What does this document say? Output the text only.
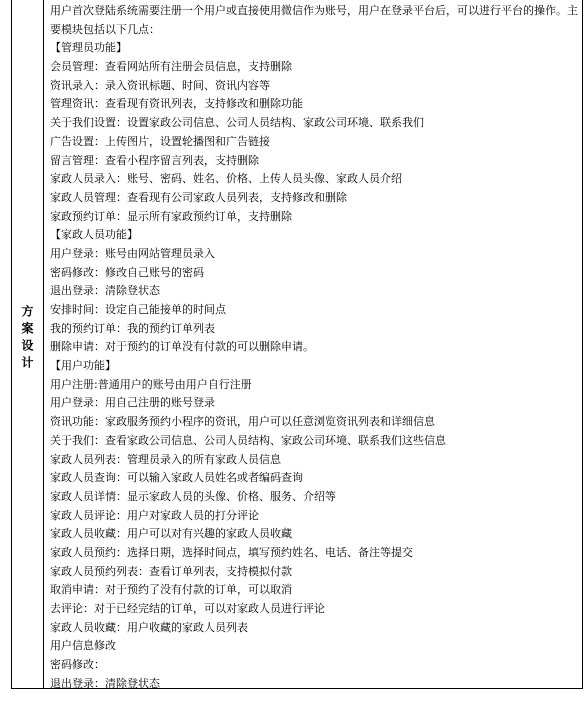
方案设计

用户首次登陆系统需要注册一个用户或直接使用微信作为账号，用户在登录平台后，可以进行平台的操作。主要模块包括以下几点：

【管理员功能】
会员管理：查看网站所有注册会员信息，支持删除
资讯录入：录入资讯标题、时间、资讯内容等
管理资讯：查看现有资讯列表，支持修改和删除功能
关于我们设置：设置家政公司信息、公司人员结构、家政公司环境、联系我们
广告设置：上传图片，设置轮播图和广告链接
留言管理：查看小程序留言列表，支持删除
家政人员录入：账号、密码、姓名、价格、上传人员头像、家政人员介绍
家政人员管理：查看现有公司家政人员列表，支持修改和删除
家政预约订单：显示所有家政预约订单，支持删除
【家政人员功能】
用户登录：账号由网站管理员录入
密码修改：修改自己账号的密码
退出登录：清除登状态
安排时间：设定自己能接单的时间点
我的预约订单：我的预约订单列表
删除申请：对于预约的订单没有付款的可以删除申请。
【用户功能】
用户注册:普通用户的账号由用户自行注册
用户登录：用自己注册的账号登录
资讯功能：家政服务预约小程序的资讯，用户可以任意浏览资讯列表和详细信息
关于我们：查看家政公司信息、公司人员结构、家政公司环境、联系我们这些信息
家政人员列表：管理员录入的所有家政人员信息
家政人员查询：可以输入家政人员姓名或者编码查询
家政人员详情：显示家政人员的头像、价格、服务、介绍等
家政人员评论：用户对家政人员的打分评论
家政人员收藏：用户可以对有兴趣的家政人员收藏
家政人员预约：选择日期，选择时间点，填写预约姓名、电话、备注等提交
家政人员预约列表：查看订单列表，支持模拟付款
取消申请：对于预约了没有付款的订单，可以取消
去评论：对于已经完结的订单，可以对家政人员进行评论
家政人员收藏：用户收藏的家政人员列表
用户信息修改
密码修改：
退出登录：清除登状态
